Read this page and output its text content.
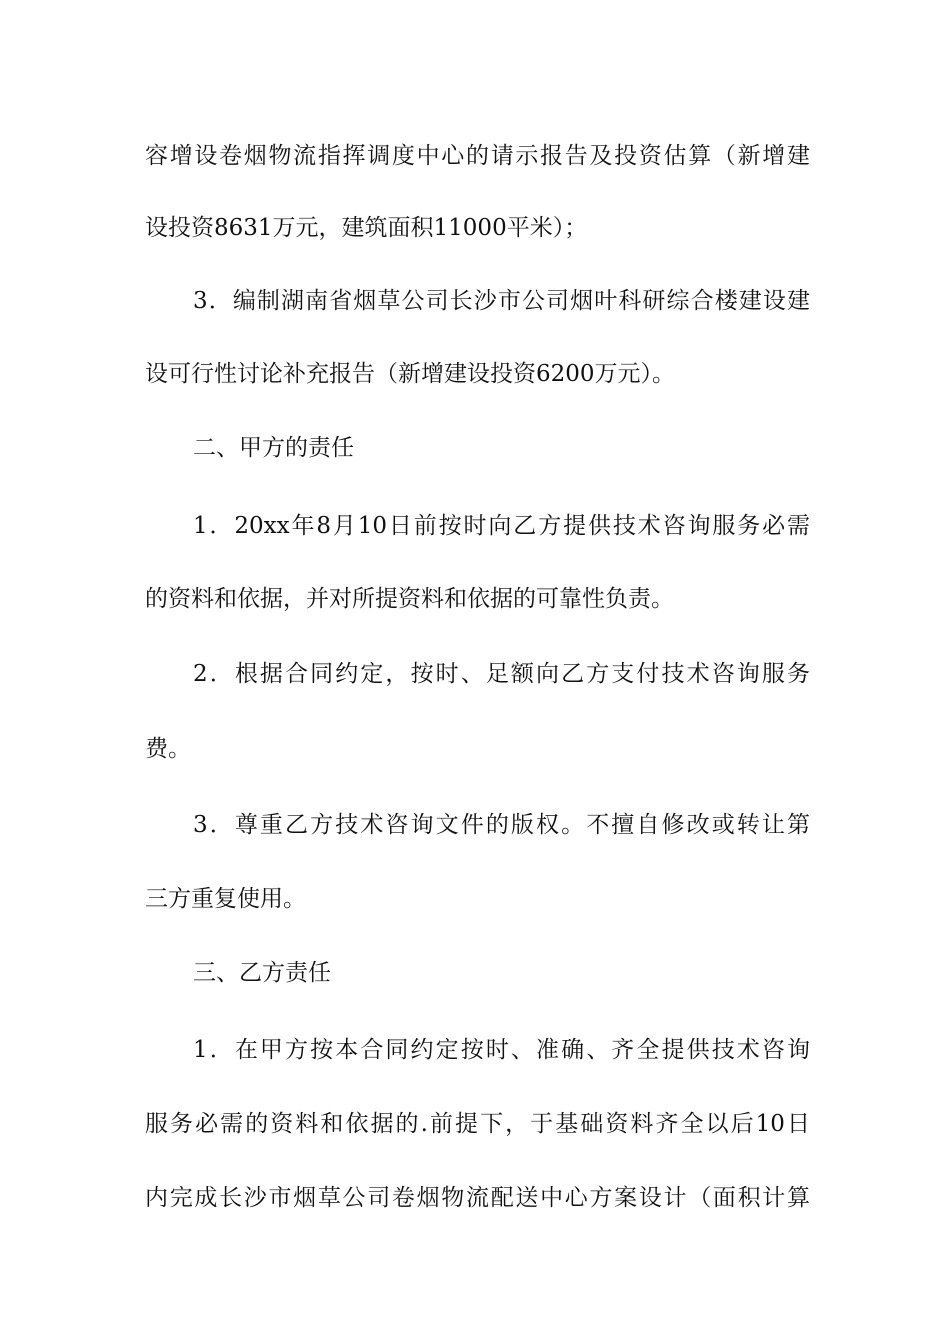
容增设卷烟物流指挥调度中心的请示报告及投资估算（新增建
设投资8631万元，建筑面积11000平米）；
3．编制湖南省烟草公司长沙市公司烟叶科研综合楼建设建
设可行性讨论补充报告（新增建设投资6200万元）。
二、甲方的责任
1．20xx年8月10日前按时向乙方提供技术咨询服务必需
的资料和依据，并对所提资料和依据的可靠性负责。
2．根据合同约定，按时、足额向乙方支付技术咨询服务
费。
3．尊重乙方技术咨询文件的版权。不擅自修改或转让第
三方重复使用。
三、乙方责任
1．在甲方按本合同约定按时、准确、齐全提供技术咨询
服务必需的资料和依据的.前提下，于基础资料齐全以后10日
内完成长沙市烟草公司卷烟物流配送中心方案设计（面积计算
